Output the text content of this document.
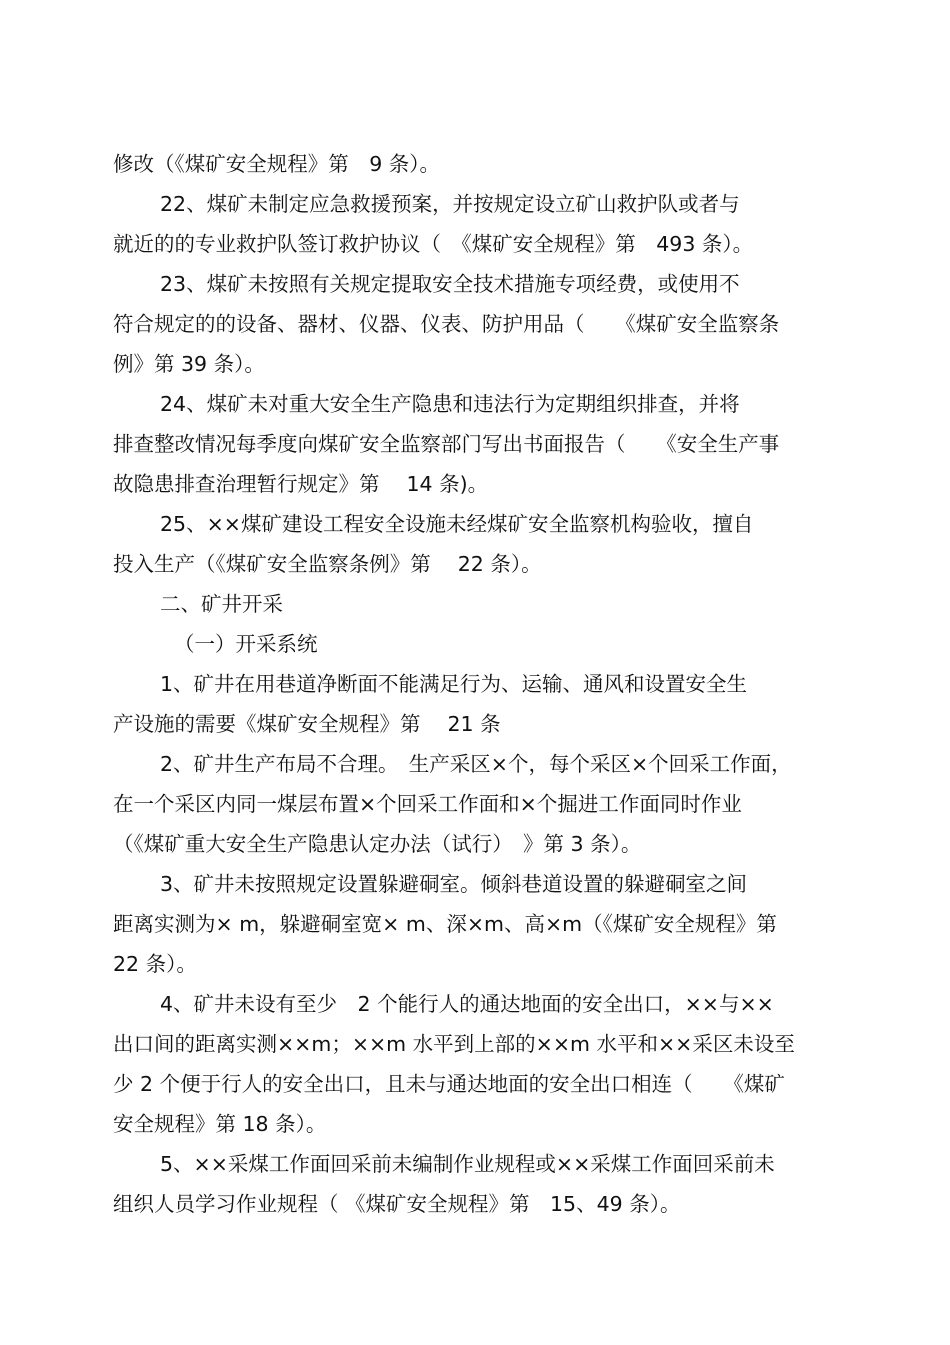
修改（《煤矿安全规程》第　9 条）。
22、煤矿未制定应急救援预案，并按规定设立矿山救护队或者与
就近的的专业救护队签订救护协议（　《煤矿安全规程》第　493 条）。
23、煤矿未按照有关规定提取安全技术措施专项经费，或使用不
符合规定的的设备、器材、仪器、仪表、防护用品（　　《煤矿安全监察条
例》第 39 条）。
24、煤矿未对重大安全生产隐患和违法行为定期组织排查，并将
排查整改情况每季度向煤矿安全监察部门写出书面报告（　　《安全生产事
故隐患排查治理暂行规定》第　 14 条)。
25、××煤矿建设工程安全设施未经煤矿安全监察机构验收，擅自
投入生产（《煤矿安全监察条例》第　 22 条）。
二、矿井开采
（一）开采系统
1、矿井在用巷道净断面不能满足行为、运输、通风和设置安全生
产设施的需要《煤矿安全规程》第　 21 条
2、矿井生产布局不合理。　生产采区×个，每个采区×个回采工作面，
在一个采区内同一煤层布置×个回采工作面和×个掘进工作面同时作业
（《煤矿重大安全生产隐患认定办法（试行）　》第 3 条）。
3、矿井未按照规定设置躲避硐室。倾斜巷道设置的躲避硐室之间
距离实测为× m，躲避硐室宽× m、深×m、高×m（《煤矿安全规程》第
22 条）。
4、矿井未设有至少　2 个能行人的通达地面的安全出口，××与××
出口间的距离实测××m；××m 水平到上部的××m 水平和××采区未设至
少 2 个便于行人的安全出口，且未与通达地面的安全出口相连（　　《煤矿
安全规程》第 18 条）。
5、××采煤工作面回采前未编制作业规程或××采煤工作面回采前未
组织人员学习作业规程（ 《煤矿安全规程》第　15、49 条）。
